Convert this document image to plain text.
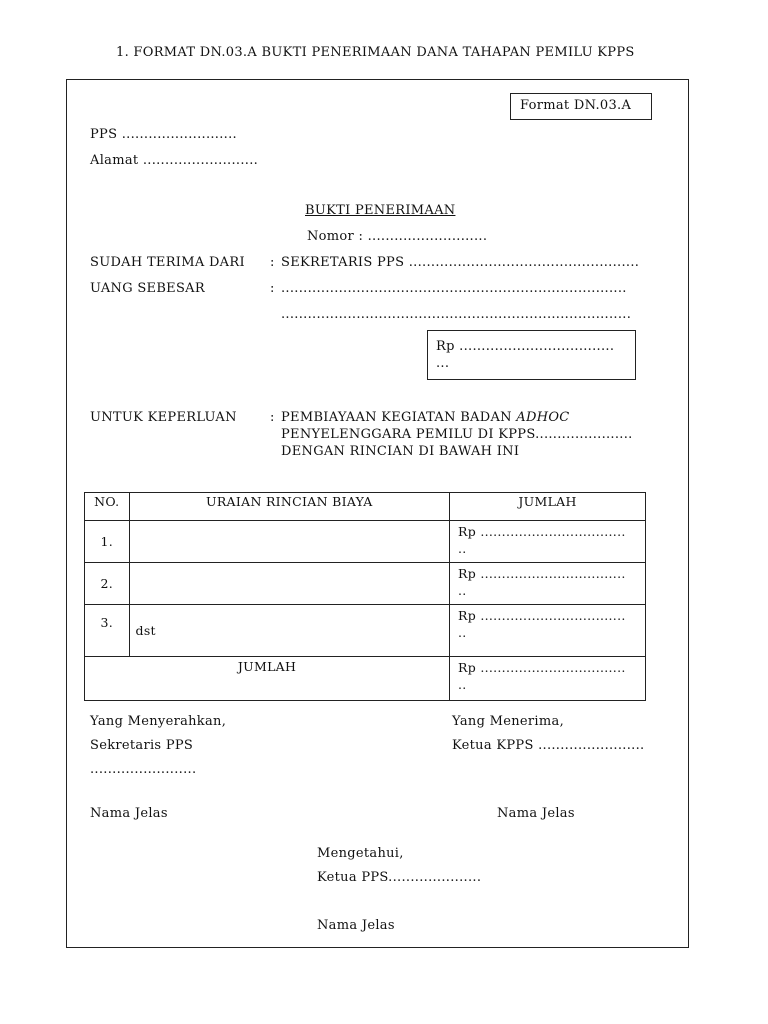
1. FORMAT DN.03.A BUKTI PENERIMAAN DANA TAHAPAN PEMILU KPPS
Format DN.03.A
PPS ..........................
Alamat ..........................
BUKTI PENERIMAAN
Nomor : ...........................
SUDAH TERIMA DARI : SEKRETARIS PPS ....................................................
UANG SEBESAR	: ..............................................................................
...............................................................................
Rp ...................................
...
UNTUK KEPERLUAN	: PEMBIAYAAN KEGIATAN BADAN ADHOC
PENYELENGGARA PEMILU DI KPPS......................
DENGAN RINCIAN DI BAWAH INI
NO.	URAIAN RINCIAN BIAYA	JUMLAH
1.		Rp ..................................
..

2.		Rp ..................................
..

3.	dst	Rp ..................................
..

JUMLAH		Rp ..................................
..
Yang Menyerahkan,
Sekretaris PPS
........................
Nama Jelas
Yang Menerima,
Ketua KPPS ........................
Nama Jelas
Mengetahui,
Ketua PPS.....................
Nama Jelas
